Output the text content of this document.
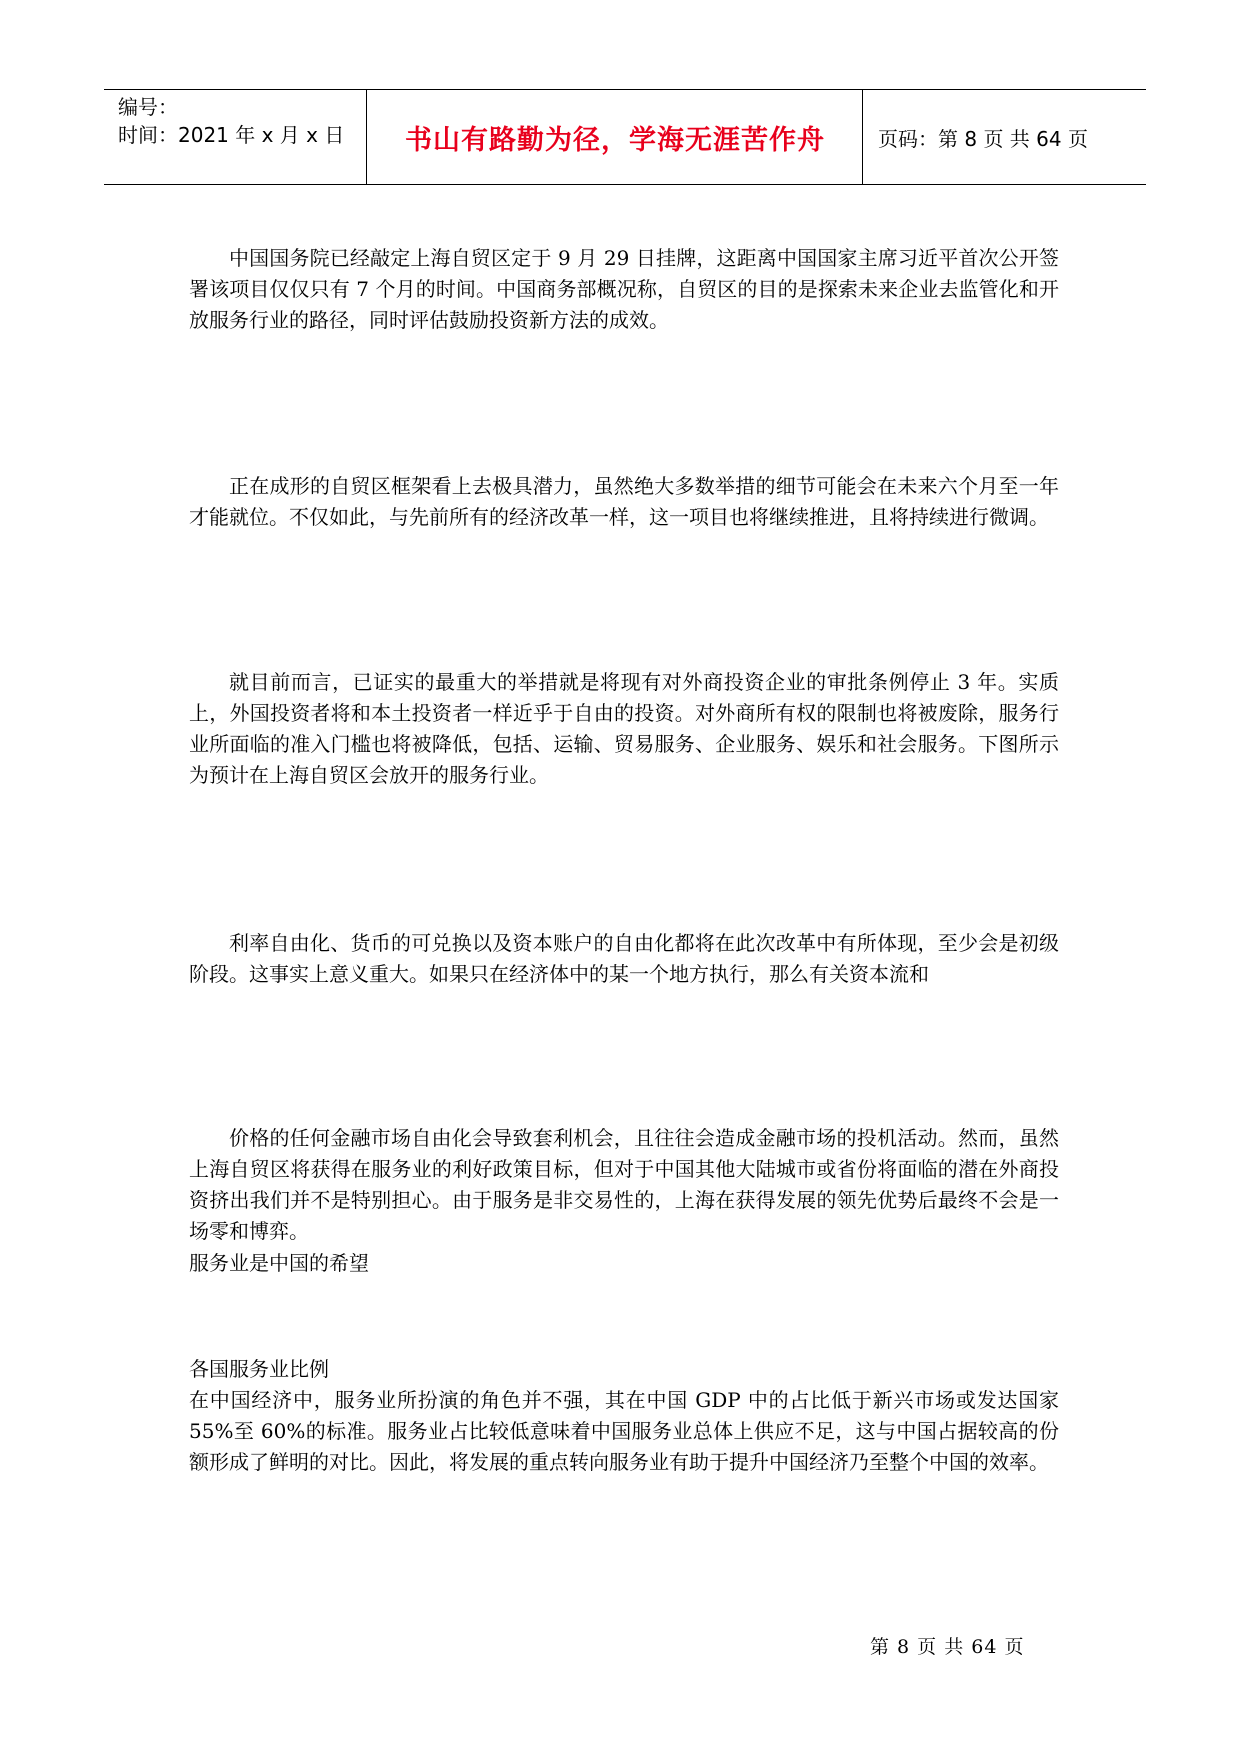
编号：
时间：2021 年 x 月 x 日	书山有路勤为径，学海无涯苦作舟	页码：第 8 页 共 64 页

中国国务院已经敲定上海自贸区定于 9 月 29 日挂牌，这距离中国国家主席习近平首次公开签署该项目仅仅只有 7 个月的时间。中国商务部概况称，自贸区的目的是探索未来企业去监管化和开放服务行业的路径，同时评估鼓励投资新方法的成效。

正在成形的自贸区框架看上去极具潜力，虽然绝大多数举措的细节可能会在未来六个月至一年才能就位。不仅如此，与先前所有的经济改革一样，这一项目也将继续推进，且将持续进行微调。

就目前而言，已证实的最重大的举措就是将现有对外商投资企业的审批条例停止 3 年。实质上，外国投资者将和本土投资者一样近乎于自由的投资。对外商所有权的限制也将被废除，服务行业所面临的准入门槛也将被降低，包括、运输、贸易服务、企业服务、娱乐和社会服务。下图所示为预计在上海自贸区会放开的服务行业。

利率自由化、货币的可兑换以及资本账户的自由化都将在此次改革中有所体现，至少会是初级阶段。这事实上意义重大。如果只在经济体中的某一个地方执行，那么有关资本流和

价格的任何金融市场自由化会导致套利机会，且往往会造成金融市场的投机活动。然而，虽然上海自贸区将获得在服务业的利好政策目标，但对于中国其他大陆城市或省份将面临的潜在外商投资挤出我们并不是特别担心。由于服务是非交易性的，上海在获得发展的领先优势后最终不会是一场零和博弈。

服务业是中国的希望

各国服务业比例

在中国经济中，服务业所扮演的角色并不强，其在中国 GDP 中的占比低于新兴市场或发达国家 55%至 60%的标准。服务业占比较低意味着中国服务业总体上供应不足，这与中国占据较高的份额形成了鲜明的对比。因此，将发展的重点转向服务业有助于提升中国经济乃至整个中国的效率。

第 8 页 共 64 页
